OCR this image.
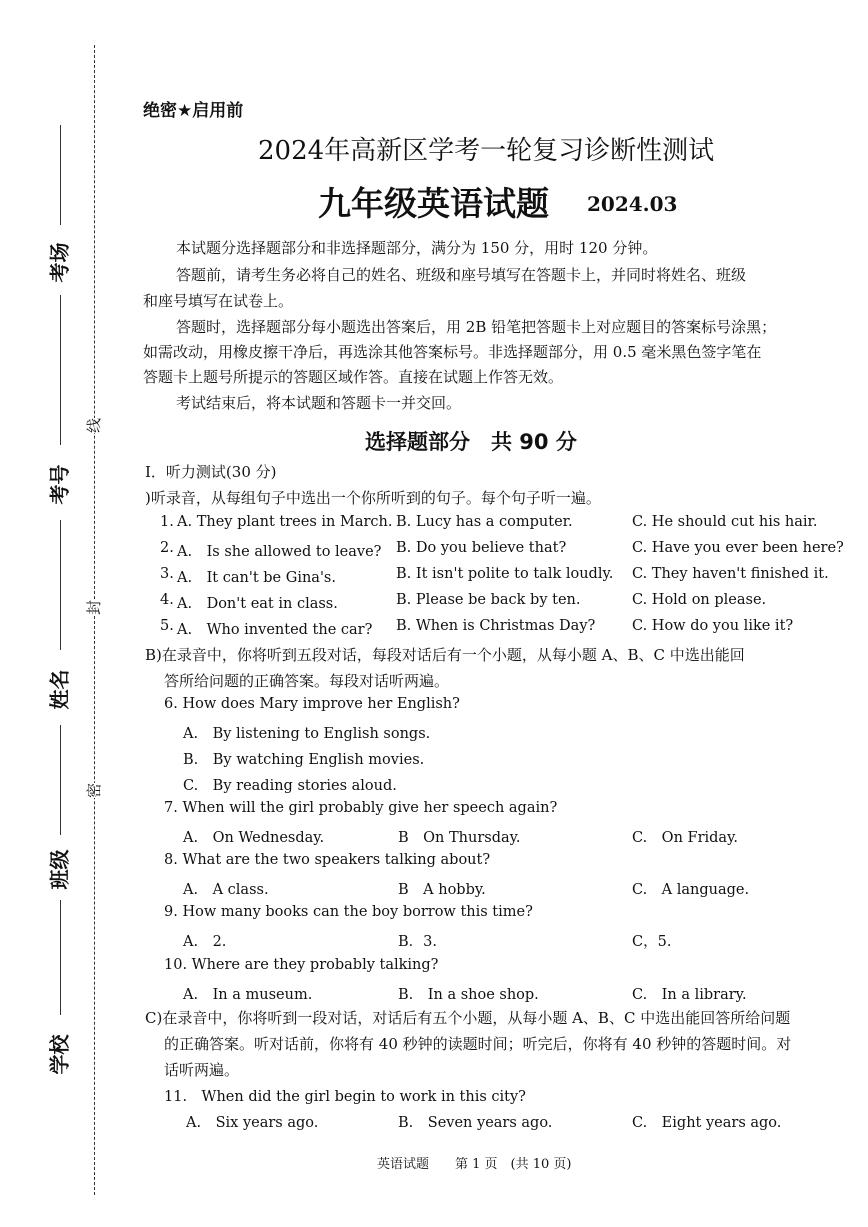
考场
考号
姓名
班级
学校
线
封
密
绝密★启用前
2024年高新区学考一轮复习诊断性测试
九年级英语试题 2024.03
本试题分选择题部分和非选择题部分，满分为 150 分，用时 120 分钟。
答题前，请考生务必将自己的姓名、班级和座号填写在答题卡上，并同时将姓名、班级
和座号填写在试卷上。
答题时，选择题部分每小题选出答案后，用 2B 铅笔把答题卡上对应题目的答案标号涂黑；
如需改动，用橡皮擦干净后，再选涂其他答案标号。非选择题部分，用 0.5 毫米黑色签字笔在
答题卡上题号所提示的答题区域作答。直接在试题上作答无效。
考试结束后，将本试题和答题卡一并交回。
选择题部分　共 90 分
I．听力测试(30 分)
)听录音，从每组句子中选出一个你所听到的句子。每个句子听一遍。
1. A. They plant trees in March. B. Lucy has a computer.	C. He should cut his hair.
2. A.　Is she allowed to leave? B. Do you believe that?	C. Have you ever been here?
3. A.　It can't be Gina's.	B. It isn't polite to talk loudly. C. They haven't finished it.
4. A.　Don't eat in class.	B. Please be back by ten.	C. Hold on please.
5. A.　Who invented the car? B. When is Christmas Day?	C. How do you like it?
B)在录音中，你将听到五段对话，每段对话后有一个小题，从每小题 A、B、C 中选出能回
答所给问题的正确答案。每段对话听两遍。
6. How does Mary improve her English?
A.　By listening to English songs.
B.　By watching English movies.
C.　By reading stories aloud.
7. When will the girl probably give her speech again?
A.　On Wednesday.	B　On Thursday.	C.　On Friday.
8. What are the two speakers talking about?
A.　A class.	B　A hobby.	C.　A language.
9. How many books can the boy borrow this time?
A.　2.	B．3.	C，5.
10. Where are they probably talking?
A.　In a museum.	B.　In a shoe shop.	C.　In a library.
C)在录音中，你将听到一段对话，对话后有五个小题，从每小题 A、B、C 中选出能回答所给问题
的正确答案。听对话前，你将有 40 秒钟的读题时间；听完后，你将有 40 秒钟的答题时间。对
话听两遍。
11.　When did the girl begin to work in this city?
A.　Six years ago.	B.　Seven years ago.	C.　Eight years ago.
英语试题　　第 1 页　(共 10 页)
